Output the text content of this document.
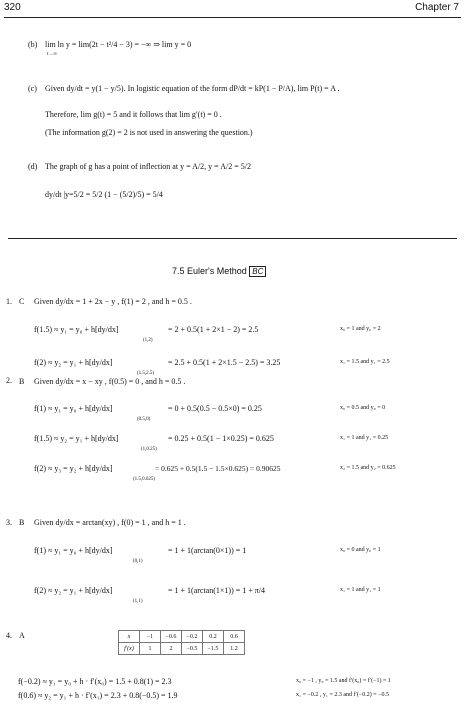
320	Chapter 7
(b) lim ln y = lim(2t − t²/4 − 3) = −∞ ⇒ lim y = 0
t→∞
(c) Given dy/dt = y(1 − y/5). In logistic equation of the form dP/dt = kP(1 − P/A), lim P(t) = A .
Therefore, lim g(t) = 5 and it follows that lim g′(t) = 0 .
(The information g(2) = 2 is not used in answering the question.)
(d) The graph of g has a point of inflection at y = A/2, y = A/2 = 5/2
dy/dt |y=5/2 = 5/2 (1 − (5/2)/5) = 5/4
7.5 Euler's Method BC
1. C Given dy/dx = 1 + 2x − y , f(1) = 2 , and h = 0.5 .
f(1.5) ≈ y₁ = y₀ + h[dy/dx]
(1,2)
= 2 + 0.5(1 + 2×1 − 2) = 2.5	x₀ = 1 and y₀ = 2
f(2) ≈ y₂ = y₁ + h[dy/dx]
(1.5,2.5)
= 2.5 + 0.5(1 + 2×1.5 − 2.5) = 3.25	x₁ = 1.5 and y₁ = 2.5
2. B Given dy/dx = x − xy , f(0.5) = 0 , and h = 0.5 .
f(1) ≈ y₁ = y₀ + h[dy/dx]
(0.5,0)
= 0 + 0.5(0.5 − 0.5×0) = 0.25	x₀ = 0.5 and y₀ = 0
f(1.5) ≈ y₂ = y₁ + h[dy/dx]
(1,0.25)
= 0.25 + 0.5(1 − 1×0.25) = 0.625	x₁ = 1 and y₁ = 0.25
f(2) ≈ y₃ = y₂ + h[dy/dx]
(1.5,0.625)
= 0.625 + 0.5(1.5 − 1.5×0.625) = 0.90625	x₂ = 1.5 and y₂ = 0.625
3. B Given dy/dx = arctan(xy) , f(0) = 1 , and h = 1 .
f(1) ≈ y₁ = y₀ + h[dy/dx]
(0,1)
= 1 + 1(arctan(0×1)) = 1	x₀ = 0 and y₀ = 1
f(2) ≈ y₂ = y₁ + h[dy/dx]
(1,1)
= 1 + 1(arctan(1×1)) = 1 + π/4	x₁ = 1 and y₁ = 1
4. A	x	−1	−0.6	−0.2	0.2	0.6
f′(x)	1	2	−0.5	−1.5	1.2
f(−0.2) ≈ y₁ = y₀ + h · f′(x₀) = 1.5 + 0.8(1) = 2.3	x₀ = −1 , y₀ = 1.5 and f′(x₀) = f′(−1) = 1
f(0.6) ≈ y₂ = y₁ + h · f′(x₁) = 2.3 + 0.8(−0.5) = 1.9	x₁ = −0.2 , y₁ = 2.3 and f′(−0.2) = −0.5
